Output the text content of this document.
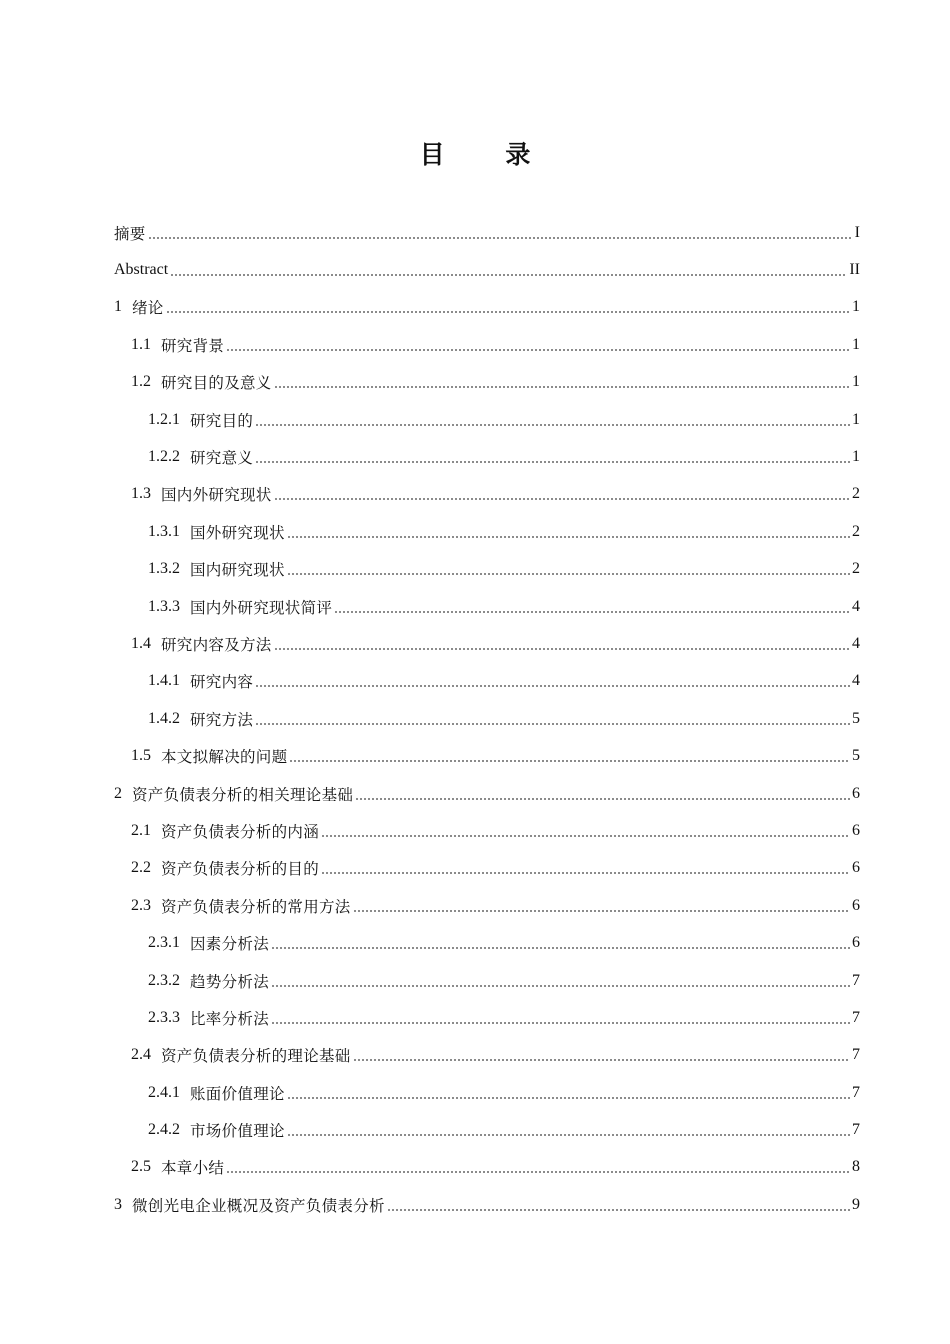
目 录
摘要	I
Abstract	II
1 绪论	1
1.1 研究背景	1
1.2 研究目的及意义	1
1.2.1 研究目的	1
1.2.2 研究意义	1
1.3 国内外研究现状	2
1.3.1 国外研究现状	2
1.3.2 国内研究现状	2
1.3.3 国内外研究现状简评	4
1.4 研究内容及方法	4
1.4.1 研究内容	4
1.4.2 研究方法	5
1.5 本文拟解决的问题	5
2 资产负债表分析的相关理论基础	6
2.1 资产负债表分析的内涵	6
2.2 资产负债表分析的目的	6
2.3 资产负债表分析的常用方法	6
2.3.1 因素分析法	6
2.3.2 趋势分析法	7
2.3.3 比率分析法	7
2.4 资产负债表分析的理论基础	7
2.4.1 账面价值理论	7
2.4.2 市场价值理论	7
2.5 本章小结	8
3 微创光电企业概况及资产负债表分析	9
